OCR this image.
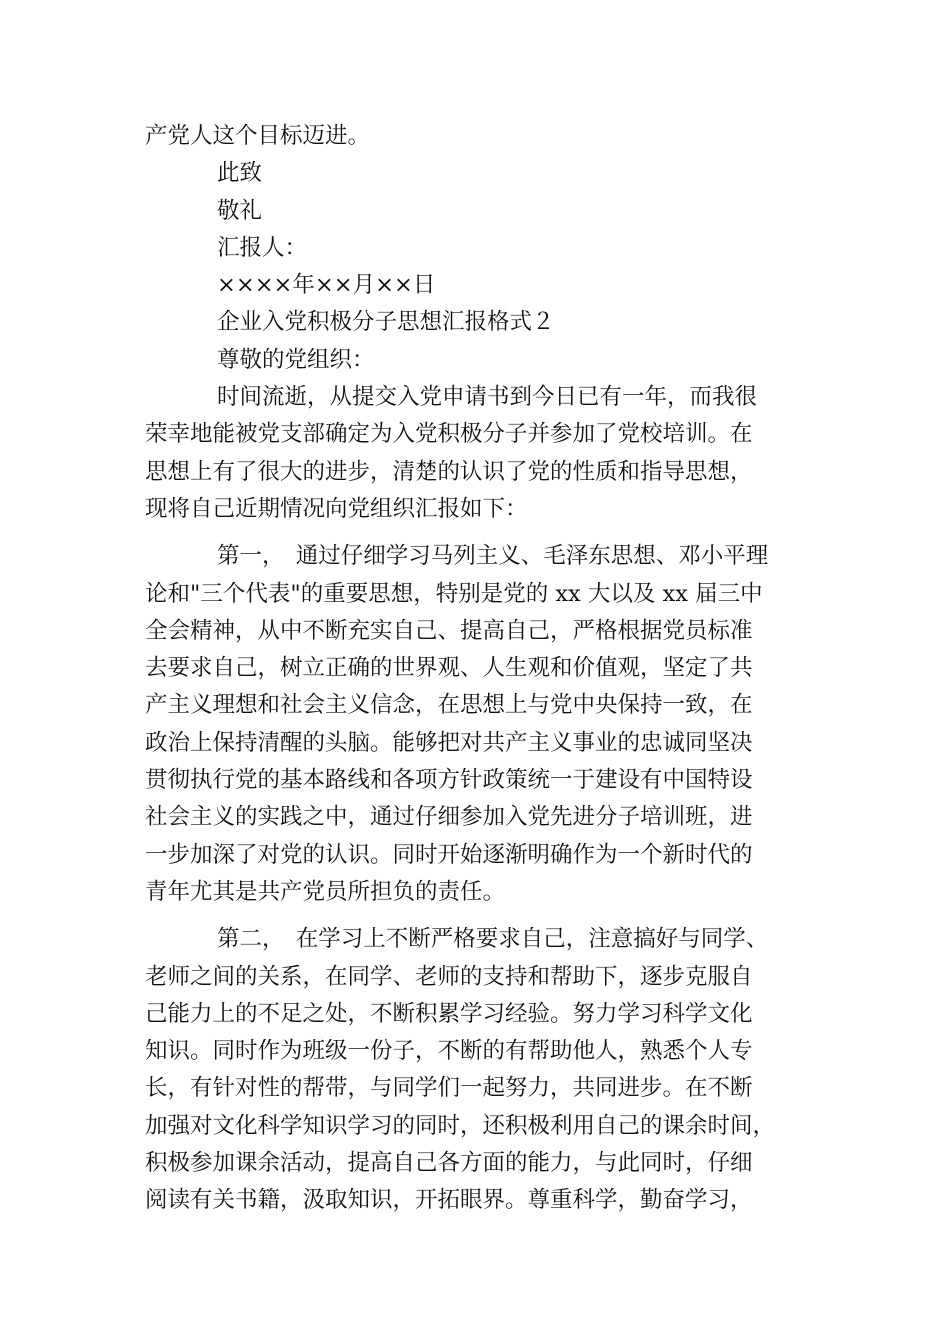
产党人这个目标迈进。
此致
敬礼
汇报人：
××××年××月××日
企业入党积极分子思想汇报格式２
尊敬的党组织：
时间流逝，从提交入党申请书到今日已有一年，而我很
荣幸地能被党支部确定为入党积极分子并参加了党校培训。在
思想上有了很大的进步，清楚的认识了党的性质和指导思想，
现将自己近期情况向党组织汇报如下：
第一，　通过仔细学习马列主义、毛泽东思想、邓小平理
论和"三个代表"的重要思想，特别是党的 xx 大以及 xx 届三中
全会精神，从中不断充实自己、提高自己，严格根据党员标准
去要求自己，树立正确的世界观、人生观和价值观，坚定了共
产主义理想和社会主义信念，在思想上与党中央保持一致，在
政治上保持清醒的头脑。能够把对共产主义事业的忠诚同坚决
贯彻执行党的基本路线和各项方针政策统一于建设有中国特设
社会主义的实践之中，通过仔细参加入党先进分子培训班，进
一步加深了对党的认识。同时开始逐渐明确作为一个新时代的
青年尤其是共产党员所担负的责任。
第二，　在学习上不断严格要求自己，注意搞好与同学、
老师之间的关系，在同学、老师的支持和帮助下，逐步克服自
己能力上的不足之处，不断积累学习经验。努力学习科学文化
知识。同时作为班级一份子，不断的有帮助他人，熟悉个人专
长，有针对性的帮带，与同学们一起努力，共同进步。在不断
加强对文化科学知识学习的同时，还积极利用自己的课余时间，
积极参加课余活动，提高自己各方面的能力，与此同时，仔细
阅读有关书籍，汲取知识，开拓眼界。尊重科学，勤奋学习，
